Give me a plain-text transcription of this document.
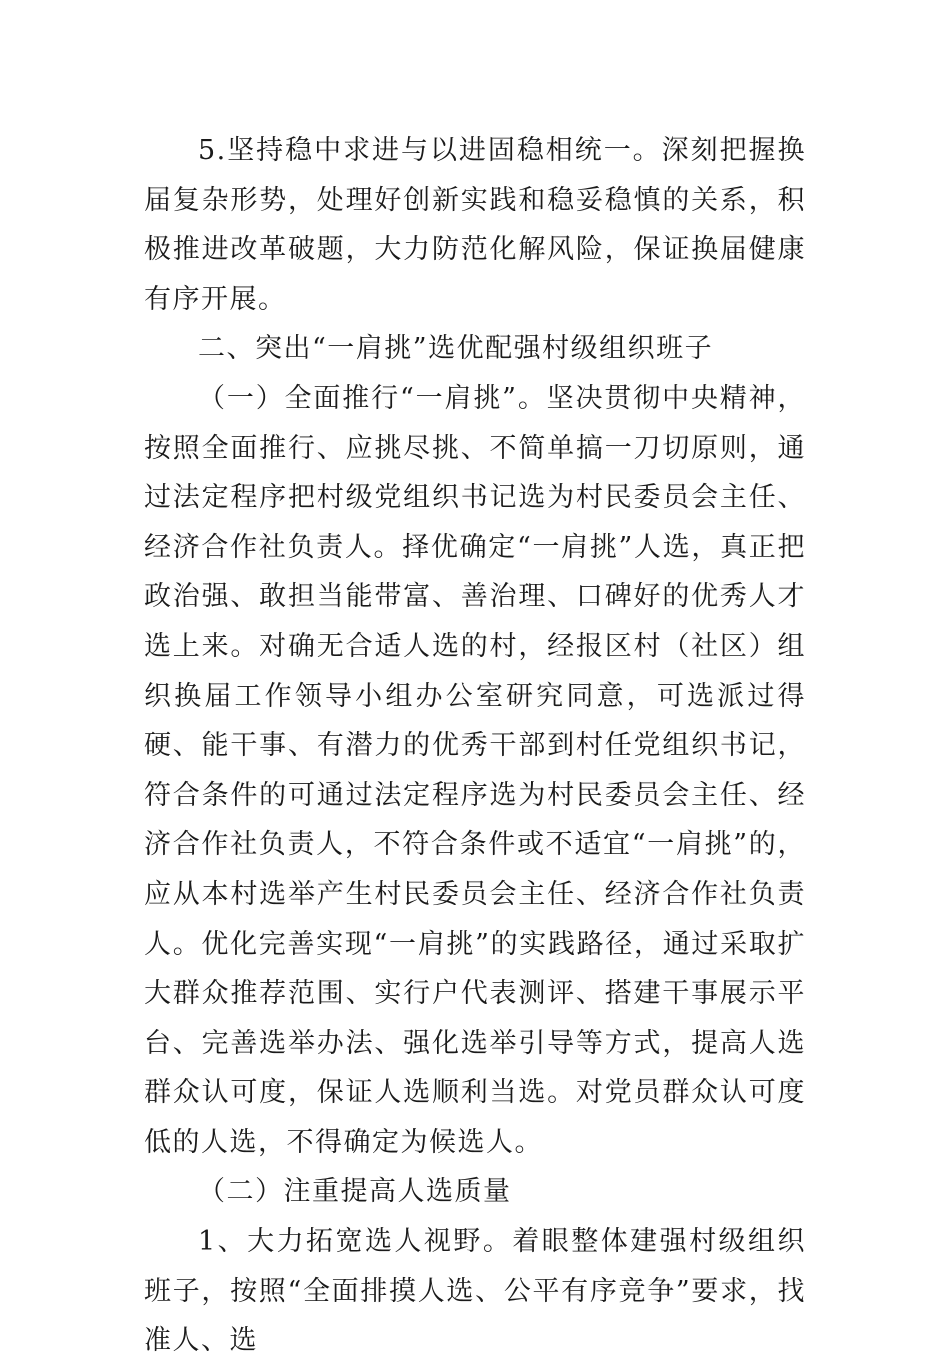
5.坚持稳中求进与以进固稳相统一。深刻把握换届复杂形势，处理好创新实践和稳妥稳慎的关系，积极推进改革破题，大力防范化解风险，保证换届健康有序开展。

二、突出“一肩挑”选优配强村级组织班子

（一）全面推行“一肩挑”。坚决贯彻中央精神，按照全面推行、应挑尽挑、不简单搞一刀切原则，通过法定程序把村级党组织书记选为村民委员会主任、经济合作社负责人。择优确定“一肩挑”人选，真正把政治强、敢担当能带富、善治理、口碑好的优秀人才选上来。对确无合适人选的村，经报区村（社区）组织换届工作领导小组办公室研究同意，可选派过得硬、能干事、有潜力的优秀干部到村任党组织书记，符合条件的可通过法定程序选为村民委员会主任、经济合作社负责人，不符合条件或不适宜“一肩挑”的，应从本村选举产生村民委员会主任、经济合作社负责人。优化完善实现“一肩挑”的实践路径，通过采取扩大群众推荐范围、实行户代表测评、搭建干事展示平台、完善选举办法、强化选举引导等方式，提高人选群众认可度，保证人选顺利当选。对党员群众认可度低的人选，不得确定为候选人。

（二）注重提高人选质量

1、大力拓宽选人视野。着眼整体建强村级组织班子，按照“全面排摸人选、公平有序竞争”要求，找准人、选
